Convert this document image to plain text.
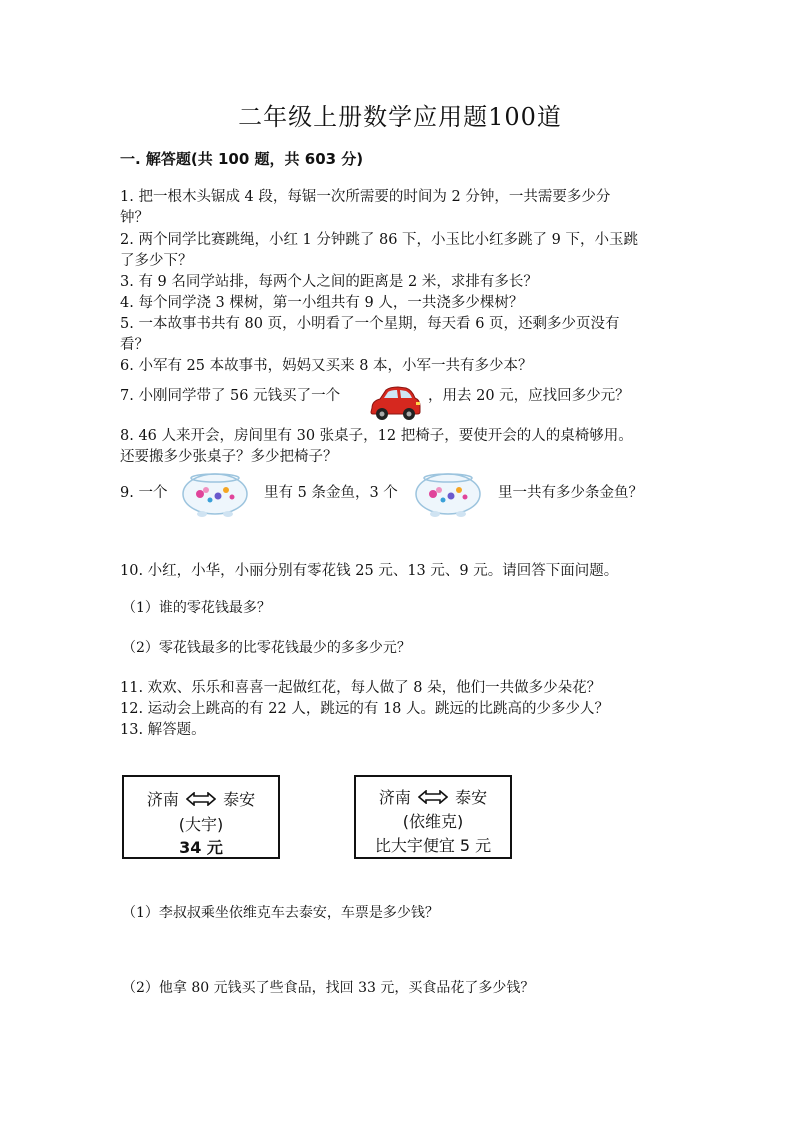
二年级上册数学应用题100道
一. 解答题(共 100 题，共 603 分)
1. 把一根木头锯成 4 段，每锯一次所需要的时间为 2 分钟，一共需要多少分
钟？
2. 两个同学比赛跳绳，小红 1 分钟跳了 86 下，小玉比小红多跳了 9 下，小玉跳
了多少下？
3. 有 9 名同学站排，每两个人之间的距离是 2 米，求排有多长？
4. 每个同学浇 3 棵树，第一小组共有 9 人，一共浇多少棵树？
5. 一本故事书共有 80 页，小明看了一个星期，每天看 6 页，还剩多少页没有
看？
6. 小军有 25 本故事书，妈妈又买来 8 本，小军一共有多少本？
7. 小刚同学带了 56 元钱买了一个	，用去 20 元，应找回多少元？
8. 46 人来开会，房间里有 30 张桌子，12 把椅子，要使开会的人的桌椅够用。
还要搬多少张桌子？多少把椅子？
9. 一个	里有 5 条金鱼，3 个	里一共有多少条金鱼？
10. 小红，小华，小丽分别有零花钱 25 元、13 元、9 元。请回答下面问题。
（1）谁的零花钱最多？
（2）零花钱最多的比零花钱最少的多多少元？
11. 欢欢、乐乐和喜喜一起做红花，每人做了 8 朵，他们一共做多少朵花？
12. 运动会上跳高的有 22 人，跳远的有 18 人。跳远的比跳高的少多少人？
13. 解答题。
济南	泰安
(大宇)
34 元
济南	泰安
(依维克)
比大宇便宜 5 元
（1）李叔叔乘坐依维克车去泰安，车票是多少钱？
（2）他拿 80 元钱买了些食品，找回 33 元，买食品花了多少钱？
